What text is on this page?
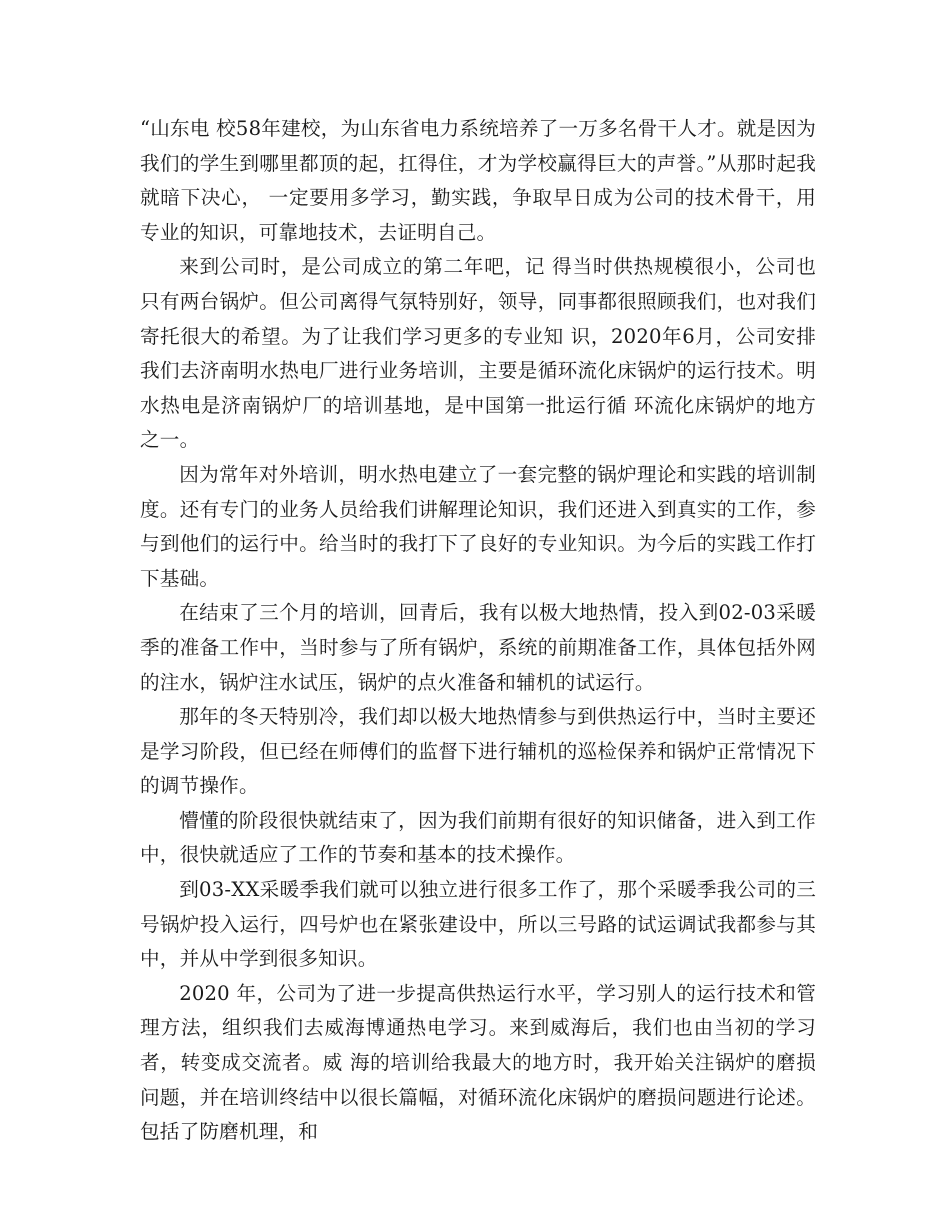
“山东电 校58年建校，为山东省电力系统培养了一万多名骨干人才。就是因为我们的学生到哪里都顶的起，扛得住，才为学校赢得巨大的声誉。”从那时起我就暗下决心， 一定要用多学习，勤实践，争取早日成为公司的技术骨干，用专业的知识，可靠地技术，去证明自己。

来到公司时，是公司成立的第二年吧，记 得当时供热规模很小，公司也只有两台锅炉。但公司离得气氛特别好，领导，同事都很照顾我们，也对我们寄托很大的希望。为了让我们学习更多的专业知 识，2020年6月，公司安排我们去济南明水热电厂进行业务培训，主要是循环流化床锅炉的运行技术。明水热电是济南锅炉厂的培训基地，是中国第一批运行循 环流化床锅炉的地方之一。

因为常年对外培训，明水热电建立了一套完整的锅炉理论和实践的培训制度。还有专门的业务人员给我们讲解理论知识，我们还进入到真实的工作，参与到他们的运行中。给当时的我打下了良好的专业知识。为今后的实践工作打下基础。

在结束了三个月的培训，回青后，我有以极大地热情，投入到02-03采暖季的准备工作中，当时参与了所有锅炉，系统的前期准备工作，具体包括外网的注水，锅炉注水试压，锅炉的点火准备和辅机的试运行。

那年的冬天特别冷，我们却以极大地热情参与到供热运行中，当时主要还是学习阶段，但已经在师傅们的监督下进行辅机的巡检保养和锅炉正常情况下的调节操作。

懵懂的阶段很快就结束了，因为我们前期有很好的知识储备，进入到工作中，很快就适应了工作的节奏和基本的技术操作。

到03-XX采暖季我们就可以独立进行很多工作了，那个采暖季我公司的三号锅炉投入运行，四号炉也在紧张建设中，所以三号路的试运调试我都参与其中，并从中学到很多知识。

2020 年，公司为了进一步提高供热运行水平，学习别人的运行技术和管理方法，组织我们去威海博通热电学习。来到威海后，我们也由当初的学习者，转变成交流者。威 海的培训给我最大的地方时，我开始关注锅炉的磨损问题，并在培训终结中以很长篇幅，对循环流化床锅炉的磨损问题进行论述。包括了防磨机理，和
